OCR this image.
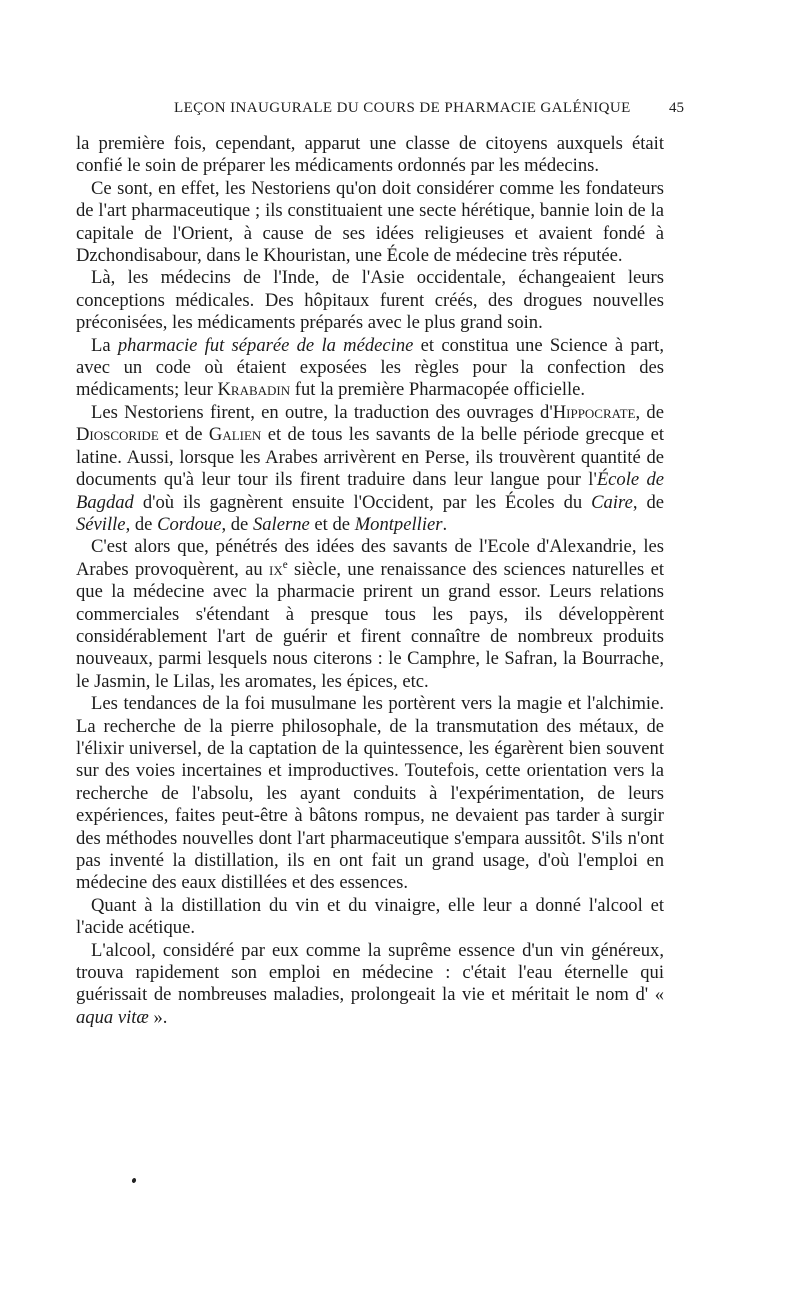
LEÇON INAUGURALE DU COURS DE PHARMACIE GALÉNIQUE	45

la première fois, cependant, apparut une classe de citoyens auxquels était confié le soin de préparer les médicaments ordonnés par les médecins.

Ce sont, en effet, les Nestoriens qu'on doit considérer comme les fondateurs de l'art pharmaceutique ; ils constituaient une secte hérétique, bannie loin de la capitale de l'Orient, à cause de ses idées religieuses et avaient fondé à Dzchondisabour, dans le Khouristan, une École de médecine très réputée.

Là, les médecins de l'Inde, de l'Asie occidentale, échangeaient leurs conceptions médicales. Des hôpitaux furent créés, des drogues nouvelles préconisées, les médicaments préparés avec le plus grand soin.

La pharmacie fut séparée de la médecine et constitua une Science à part, avec un code où étaient exposées les règles pour la confection des médicaments; leur Krabadin fut la première Pharmacopée officielle.

Les Nestoriens firent, en outre, la traduction des ouvrages d'Hippocrate, de Dioscoride et de Galien et de tous les savants de la belle période grecque et latine. Aussi, lorsque les Arabes arrivèrent en Perse, ils trouvèrent quantité de documents qu'à leur tour ils firent traduire dans leur langue pour l'École de Bagdad d'où ils gagnèrent ensuite l'Occident, par les Écoles du Caire, de Séville, de Cordoue, de Salerne et de Montpellier.

C'est alors que, pénétrés des idées des savants de l'Ecole d'Alexandrie, les Arabes provoquèrent, au $ix^e$ siècle, une renaissance des sciences naturelles et que la médecine avec la pharmacie prirent un grand essor. Leurs relations commerciales s'étendant à presque tous les pays, ils développèrent considérablement l'art de guérir et firent connaître de nombreux produits nouveaux, parmi lesquels nous citerons : le Camphre, le Safran, la Bourrache, le Jasmin, le Lilas, les aromates, les épices, etc.

Les tendances de la foi musulmane les portèrent vers la magie et l'alchimie. La recherche de la pierre philosophale, de la transmutation des métaux, de l'élixir universel, de la captation de la quintessence, les égarèrent bien souvent sur des voies incertaines et improductives. Toutefois, cette orientation vers la recherche de l'absolu, les ayant conduits à l'expérimentation, de leurs expériences, faites peut-être à bâtons rompus, ne devaient pas tarder à surgir des méthodes nouvelles dont l'art pharmaceutique s'empara aussitôt. S'ils n'ont pas inventé la distillation, ils en ont fait un grand usage, d'où l'emploi en médecine des eaux distillées et des essences.

Quant à la distillation du vin et du vinaigre, elle leur a donné l'alcool et l'acide acétique.

L'alcool, considéré par eux comme la suprême essence d'un vin généreux, trouva rapidement son emploi en médecine : c'était l'eau éternelle qui guérissait de nombreuses maladies, prolongeait la vie et méritait le nom d' « aqua vitæ ».
